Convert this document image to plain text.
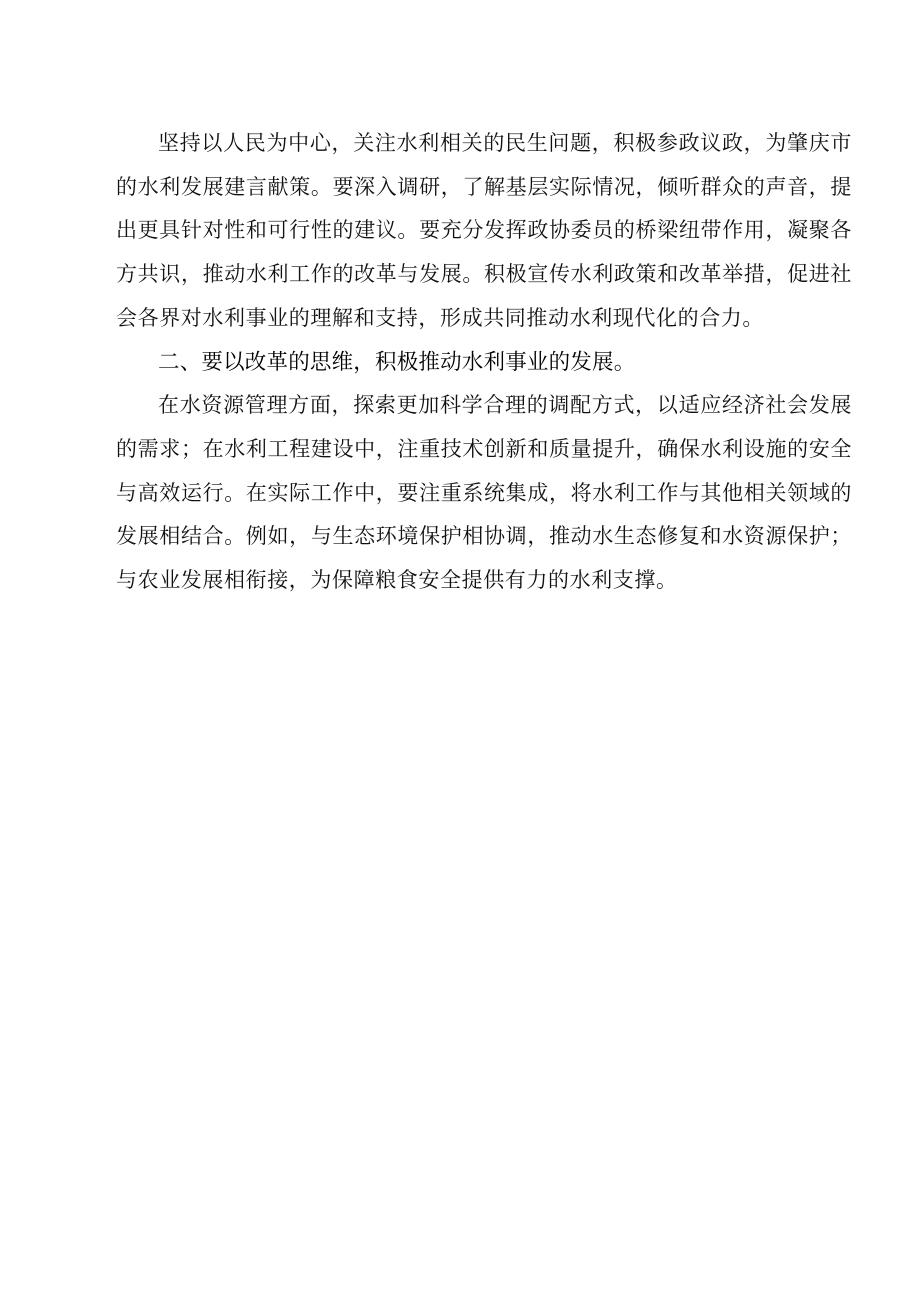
坚持以人民为中心，关注水利相关的民生问题，积极参政议政，为肇庆市的水利发展建言献策。要深入调研，了解基层实际情况，倾听群众的声音，提出更具针对性和可行性的建议。要充分发挥政协委员的桥梁纽带作用，凝聚各方共识，推动水利工作的改革与发展。积极宣传水利政策和改革举措，促进社会各界对水利事业的理解和支持，形成共同推动水利现代化的合力。

二、要以改革的思维，积极推动水利事业的发展。

在水资源管理方面，探索更加科学合理的调配方式，以适应经济社会发展的需求；在水利工程建设中，注重技术创新和质量提升，确保水利设施的安全与高效运行。在实际工作中，要注重系统集成，将水利工作与其他相关领域的发展相结合。例如，与生态环境保护相协调，推动水生态修复和水资源保护；与农业发展相衔接，为保障粮食安全提供有力的水利支撑。
